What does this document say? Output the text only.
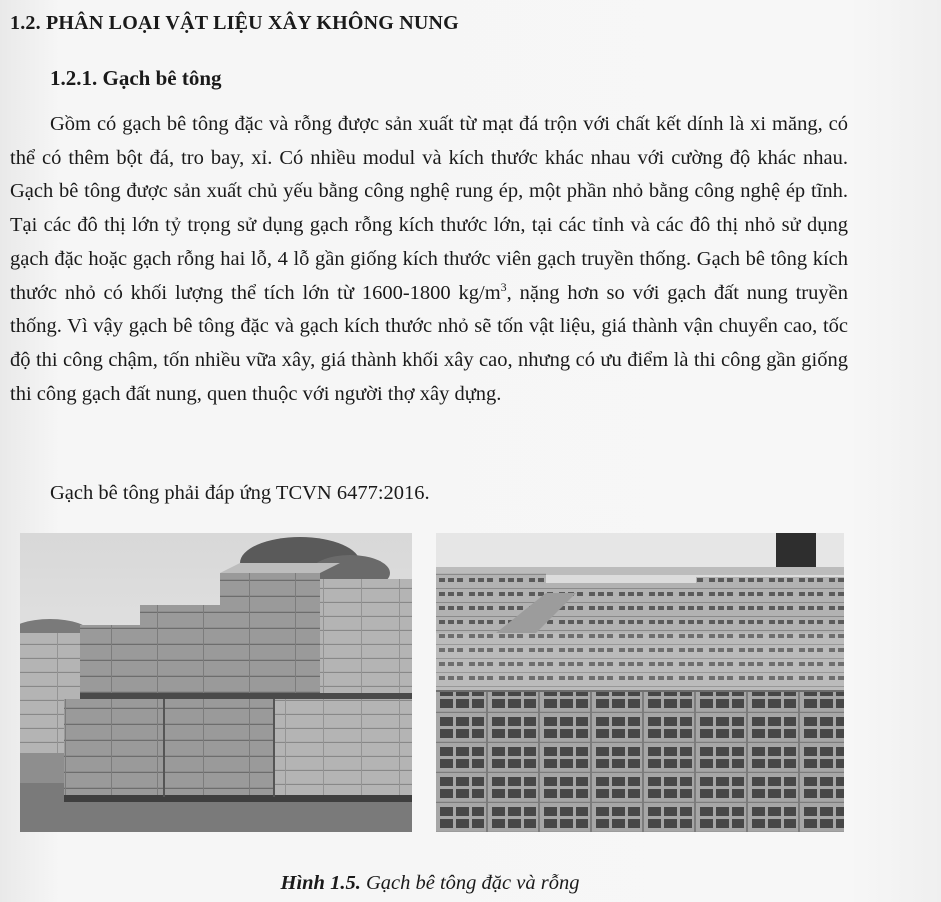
1.2. PHÂN LOẠI VẬT LIỆU XÂY KHÔNG NUNG
1.2.1. Gạch bê tông

Gồm có gạch bê tông đặc và rỗng được sản xuất từ mạt đá trộn với chất kết dính là xi măng, có thể có thêm bột đá, tro bay, xỉ. Có nhiều modul và kích thước khác nhau với cường độ khác nhau. Gạch bê tông được sản xuất chủ yếu bằng công nghệ rung ép, một phần nhỏ bằng công nghệ ép tĩnh. Tại các đô thị lớn tỷ trọng sử dụng gạch rỗng kích thước lớn, tại các tỉnh và các đô thị nhỏ sử dụng gạch đặc hoặc gạch rỗng hai lỗ, 4 lỗ gần giống kích thước viên gạch truyền thống. Gạch bê tông kích thước nhỏ có khối lượng thể tích lớn từ 1600-1800 $kg/m^3$, nặng hơn so với gạch đất nung truyền thống. Vì vậy gạch bê tông đặc và gạch kích thước nhỏ sẽ tốn vật liệu, giá thành vận chuyển cao, tốc độ thi công chậm, tốn nhiều vữa xây, giá thành khối xây cao, nhưng có ưu điểm là thi công gần giống thi công gạch đất nung, quen thuộc với người thợ xây dựng.

Gạch bê tông phải đáp ứng TCVN 6477:2016.

Hình 1.5. Gạch bê tông đặc và rỗng
